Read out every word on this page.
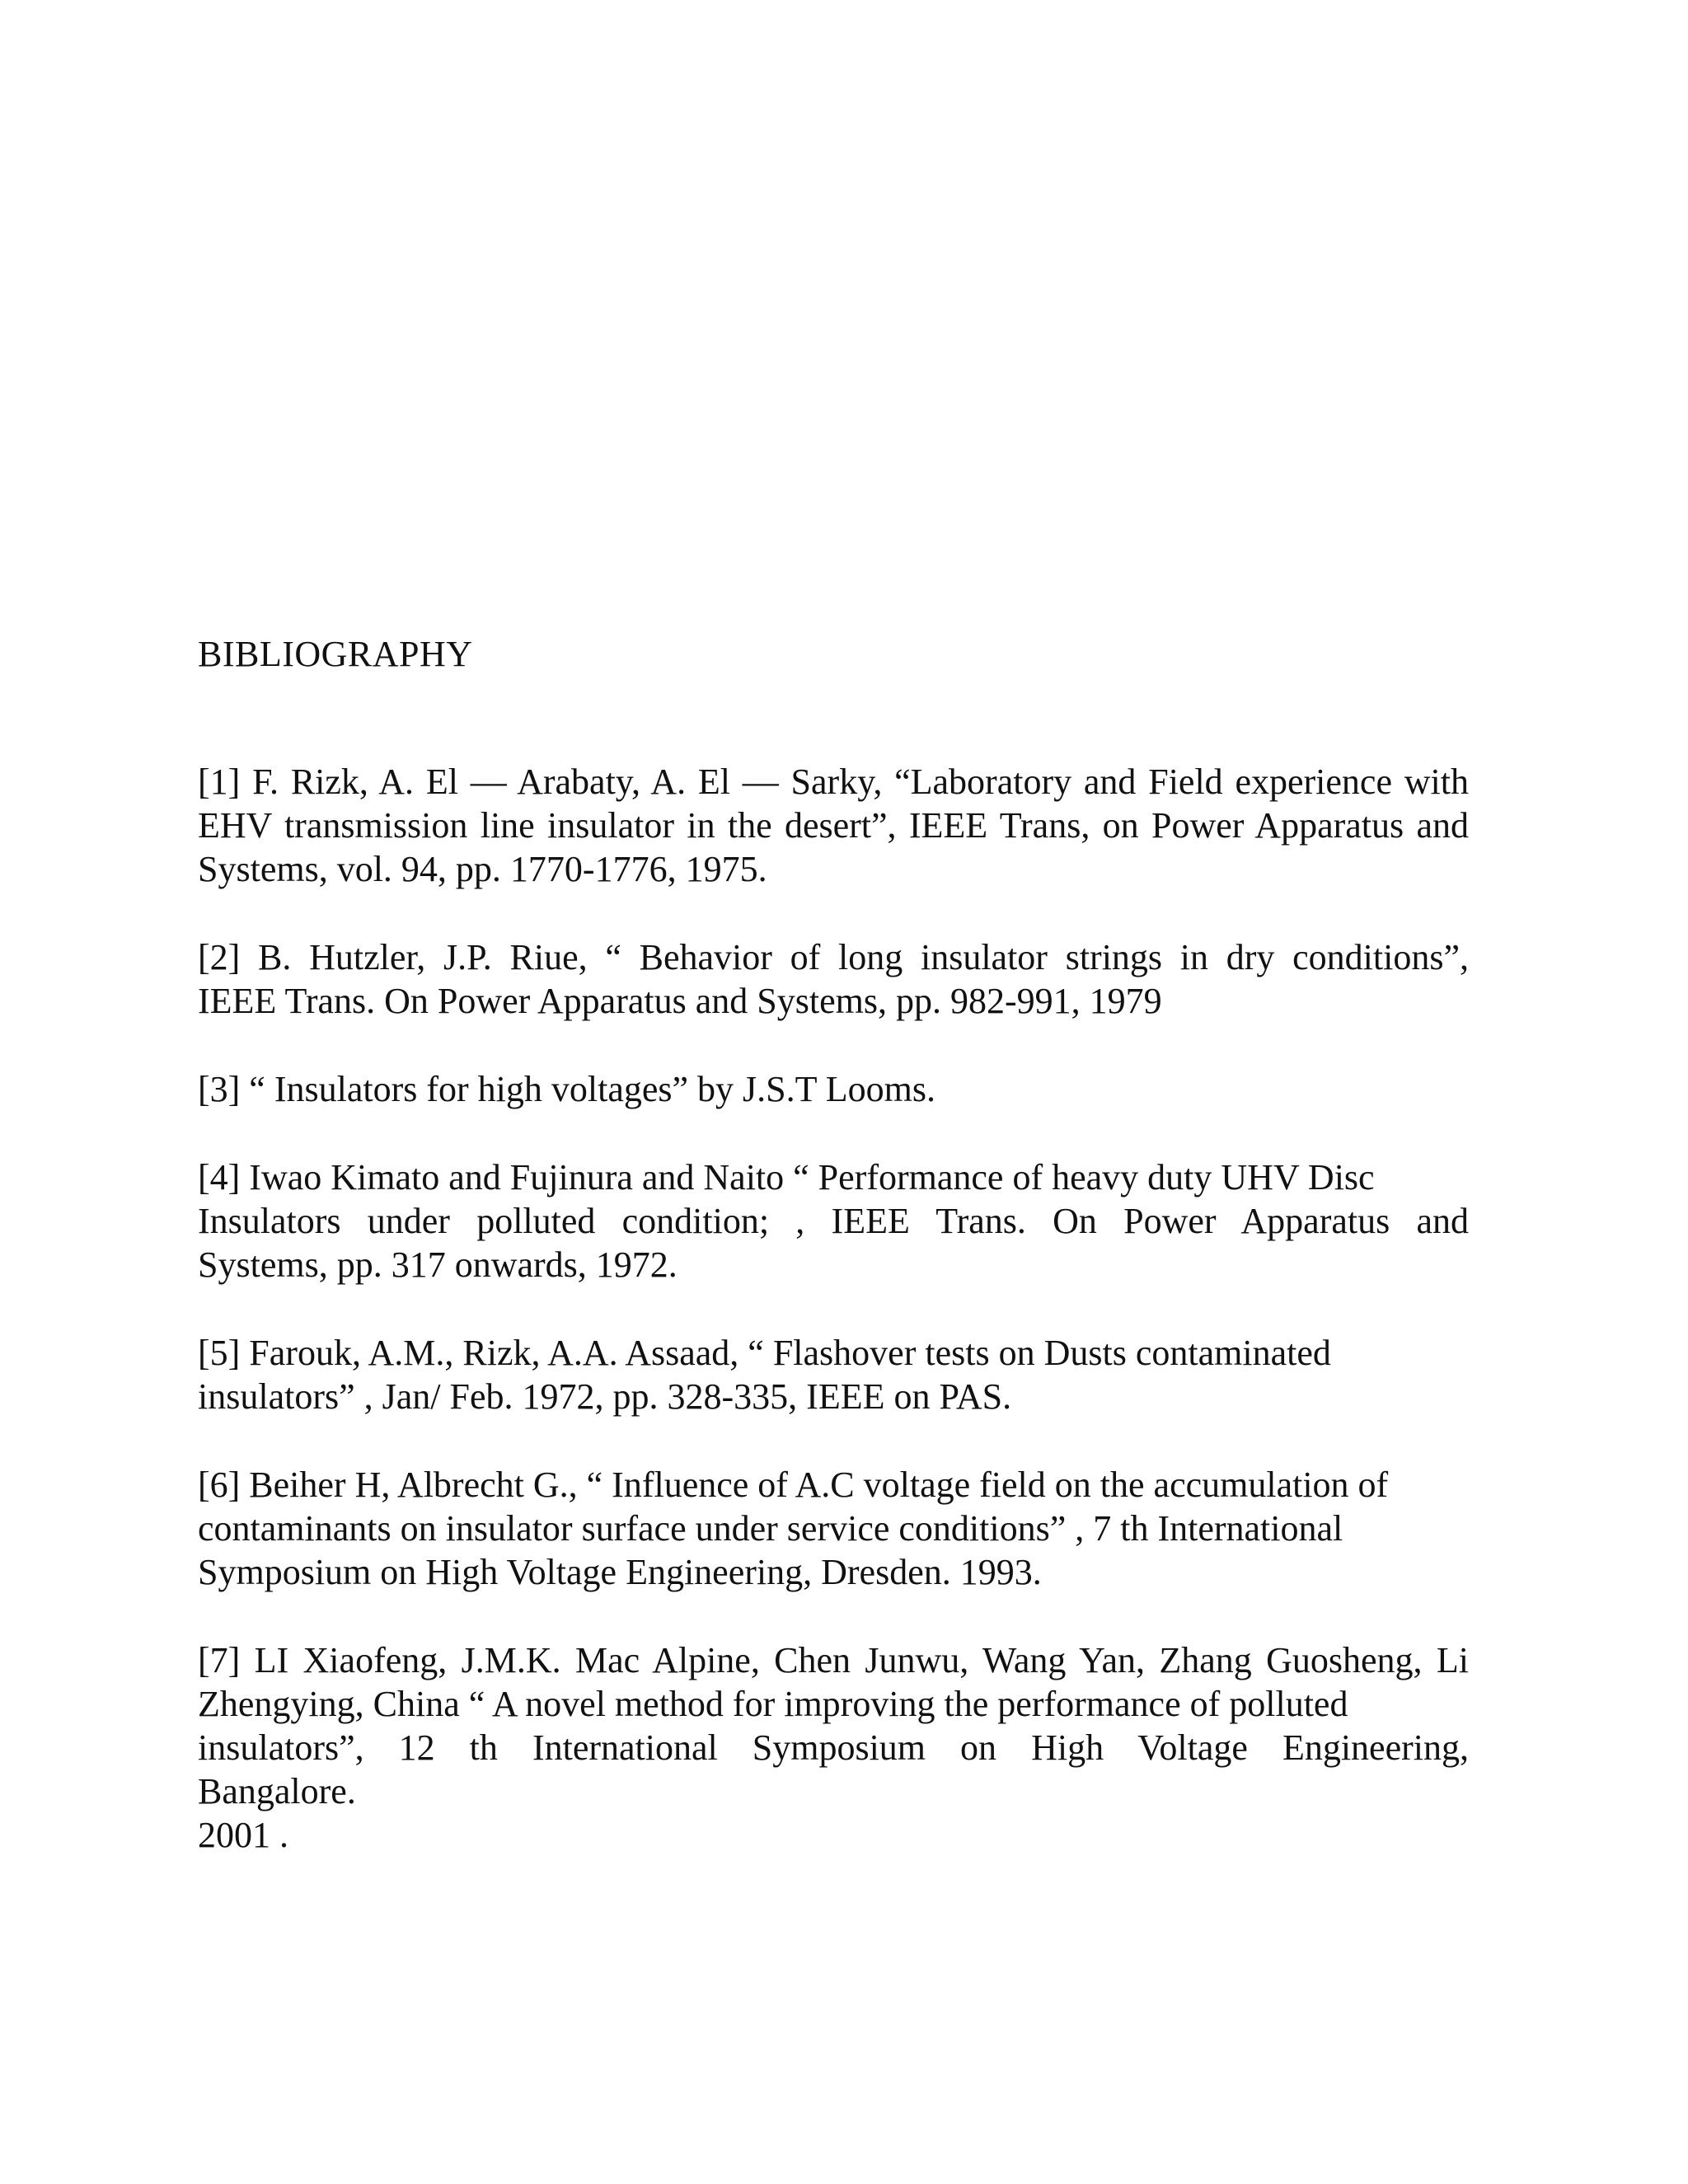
BIBLIOGRAPHY
[1] F. Rizk, A. El — Arabaty, A. El — Sarky, “Laboratory and Field experience with
EHV transmission line insulator in the desert”, IEEE Trans, on Power Apparatus and
Systems, vol. 94, pp. 1770-1776, 1975.
[2] B. Hutzler, J.P. Riue, “ Behavior of long insulator strings in dry conditions”,
IEEE Trans. On Power Apparatus and Systems, pp. 982-991, 1979
[3] “ Insulators for high voltages” by J.S.T Looms.
[4] Iwao Kimato and Fujinura and Naito “ Performance of heavy duty UHV Disc
Insulators under polluted condition; , IEEE Trans. On Power Apparatus and
Systems, pp. 317 onwards, 1972.
[5] Farouk, A.M., Rizk, A.A. Assaad, “ Flashover tests on Dusts contaminated
insulators” , Jan/ Feb. 1972, pp. 328-335, IEEE on PAS.
[6] Beiher H, Albrecht G., “ Influence of A.C voltage field on the accumulation of
contaminants on insulator surface under service conditions” , 7 th International
Symposium on High Voltage Engineering, Dresden. 1993.
[7] LI Xiaofeng, J.M.K. Mac Alpine, Chen Junwu, Wang Yan, Zhang Guosheng, Li
Zhengying, China “ A novel method for improving the performance of polluted
insulators”, 12 th International Symposium on High Voltage Engineering,
Bangalore.
2001 .
